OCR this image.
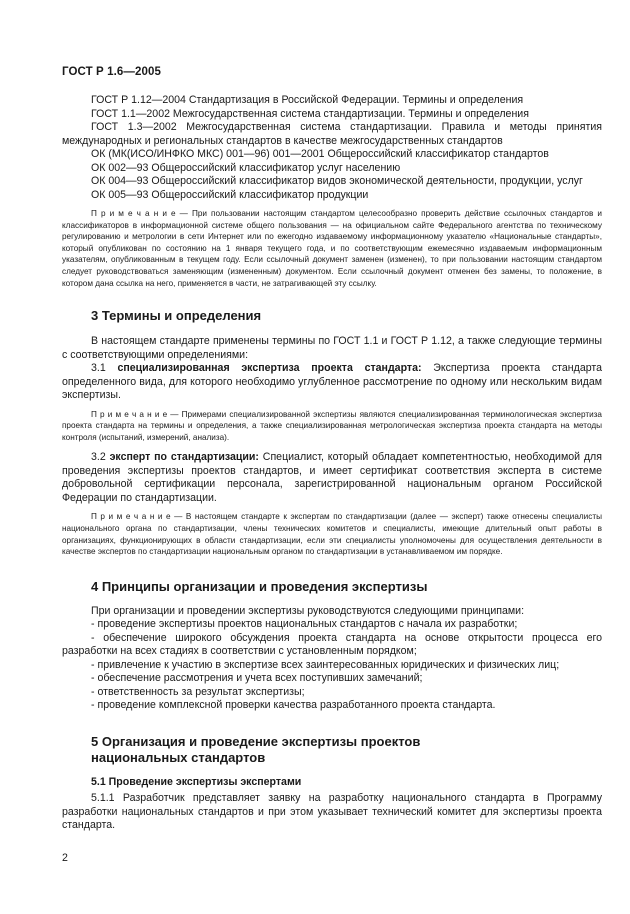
ГОСТ Р 1.6—2005

ГОСТ Р 1.12—2004 Стандартизация в Российской Федерации. Термины и определения

ГОСТ 1.1—2002 Межгосударственная система стандартизации. Термины и определения

ГОСТ 1.3—2002 Межгосударственная система стандартизации. Правила и методы принятия международных и региональных стандартов в качестве межгосударственных стандартов

ОК (МК(ИСО/ИНФКО МКС) 001—96) 001—2001 Общероссийский классификатор стандартов

ОК 002—93 Общероссийский классификатор услуг населению

ОК 004—93 Общероссийский классификатор видов экономической деятельности, продукции, услуг

ОК 005—93 Общероссийский классификатор продукции

П р и м е ч а н и е — При пользовании настоящим стандартом целесообразно проверить действие ссылочных стандартов и классификаторов в информационной системе общего пользования — на официальном сайте Федерального агентства по техническому регулированию и метрологии в сети Интернет или по ежегодно издаваемому информационному указателю «Национальные стандарты», который опубликован по состоянию на 1 января текущего года, и по соответствующим ежемесячно издаваемым информационным указателям, опубликованным в текущем году. Если ссылочный документ заменен (изменен), то при пользовании настоящим стандартом следует руководствоваться заменяющим (измененным) документом. Если ссылочный документ отменен без замены, то положение, в котором дана ссылка на него, применяется в части, не затрагивающей эту ссылку.

3 Термины и определения

В настоящем стандарте применены термины по ГОСТ 1.1 и ГОСТ Р 1.12, а также следующие термины с соответствующими определениями:

3.1 специализированная экспертиза проекта стандарта: Экспертиза проекта стандарта определенного вида, для которого необходимо углубленное рассмотрение по одному или нескольким видам экспертизы.

П р и м е ч а н и е — Примерами специализированной экспертизы являются специализированная терминологическая экспертиза проекта стандарта на термины и определения, а также специализированная метрологическая экспертиза проекта стандарта на методы контроля (испытаний, измерений, анализа).

3.2 эксперт по стандартизации: Специалист, который обладает компетентностью, необходимой для проведения экспертизы проектов стандартов, и имеет сертификат соответствия эксперта в системе добровольной сертификации персонала, зарегистрированной национальным органом Российской Федерации по стандартизации.

П р и м е ч а н и е — В настоящем стандарте к экспертам по стандартизации (далее — эксперт) также отнесены специалисты национального органа по стандартизации, члены технических комитетов и специалисты, имеющие длительный опыт работы в организациях, функционирующих в области стандартизации, если эти специалисты уполномочены для осуществления деятельности в качестве экспертов по стандартизации национальным органом по стандартизации в устанавливаемом им порядке.

4 Принципы организации и проведения экспертизы

При организации и проведении экспертизы руководствуются следующими принципами:

- проведение экспертизы проектов национальных стандартов с начала их разработки;

- обеспечение широкого обсуждения проекта стандарта на основе открытости процесса его разработки на всех стадиях в соответствии с установленным порядком;

- привлечение к участию в экспертизе всех заинтересованных юридических и физических лиц;

- обеспечение рассмотрения и учета всех поступивших замечаний;

- ответственность за результат экспертизы;

- проведение комплексной проверки качества разработанного проекта стандарта.

5 Организация и проведение экспертизы проектов
национальных стандартов

5.1 Проведение экспертизы экспертами

5.1.1 Разработчик представляет заявку на разработку национального стандарта в Программу разработки национальных стандартов и при этом указывает технический комитет для экспертизы проекта стандарта.

2
